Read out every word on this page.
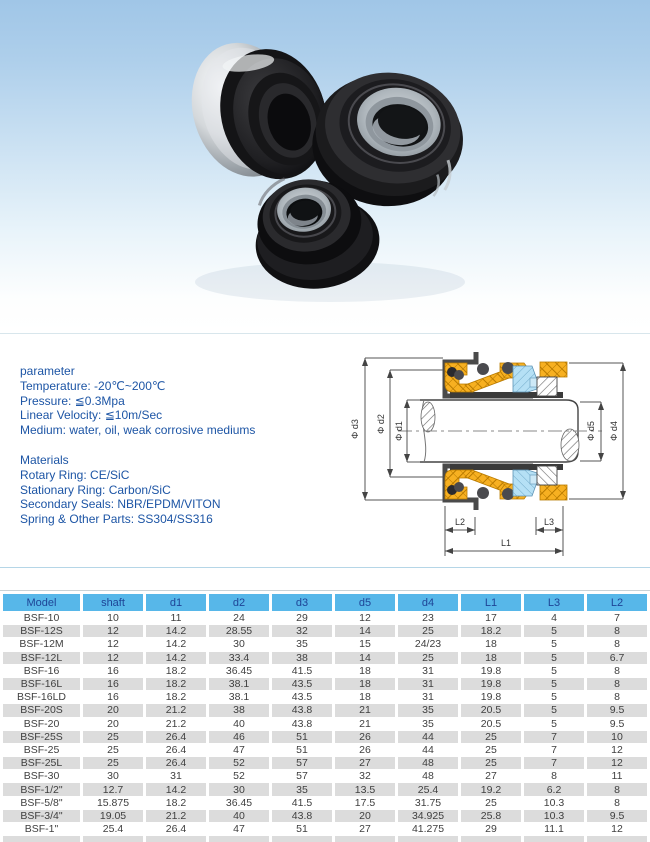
parameter
Temperature: -20℃~200℃
Pressure: ≦0.3Mpa
Linear Velocity: ≦10m/Sec
Medium: water, oil, weak corrosive mediums
Materials
Rotary Ring: CE/SiC
Stationary Ring: Carbon/SiC
Secondary Seals: NBR/EPDM/VITON
Spring & Other Parts: SS304/SS316
Φ d3 Φ d2 Φ d1	Φ d5 Φ d4
L2	L3
L1
Model	shaft	d1	d2	d3	d5	d4	L1	L3	L2
BSF-10	10	11	24	29	12	23	17	4	7
BSF-12S	12	14.2	28.55	32	14	25	18.2	5	8
BSF-12M	12	14.2	30	35	15	24/23	18	5	8
BSF-12L	12	14.2	33.4	38	14	25	18	5	6.7
BSF-16	16	18.2	36.45	41.5	18	31	19.8	5	8
BSF-16L	16	18.2	38.1	43.5	18	31	19.8	5	8
BSF-16LD	16	18.2	38.1	43.5	18	31	19.8	5	8
BSF-20S	20	21.2	38	43.8	21	35	20.5	5	9.5
BSF-20	20	21.2	40	43.8	21	35	20.5	5	9.5
BSF-25S	25	26.4	46	51	26	44	25	7	10
BSF-25	25	26.4	47	51	26	44	25	7	12
BSF-25L	25	26.4	52	57	27	48	25	7	12
BSF-30	30	31	52	57	32	48	27	8	11
BSF-1/2"	12.7	14.2	30	35	13.5	25.4	19.2	6.2	8
BSF-5/8"	15.875	18.2	36.45	41.5	17.5	31.75	25	10.3	8
BSF-3/4"	19.05	21.2	40	43.8	20	34.925	25.8	10.3	9.5
BSF-1"	25.4	26.4	47	51	27	41.275	29	11.1	12
